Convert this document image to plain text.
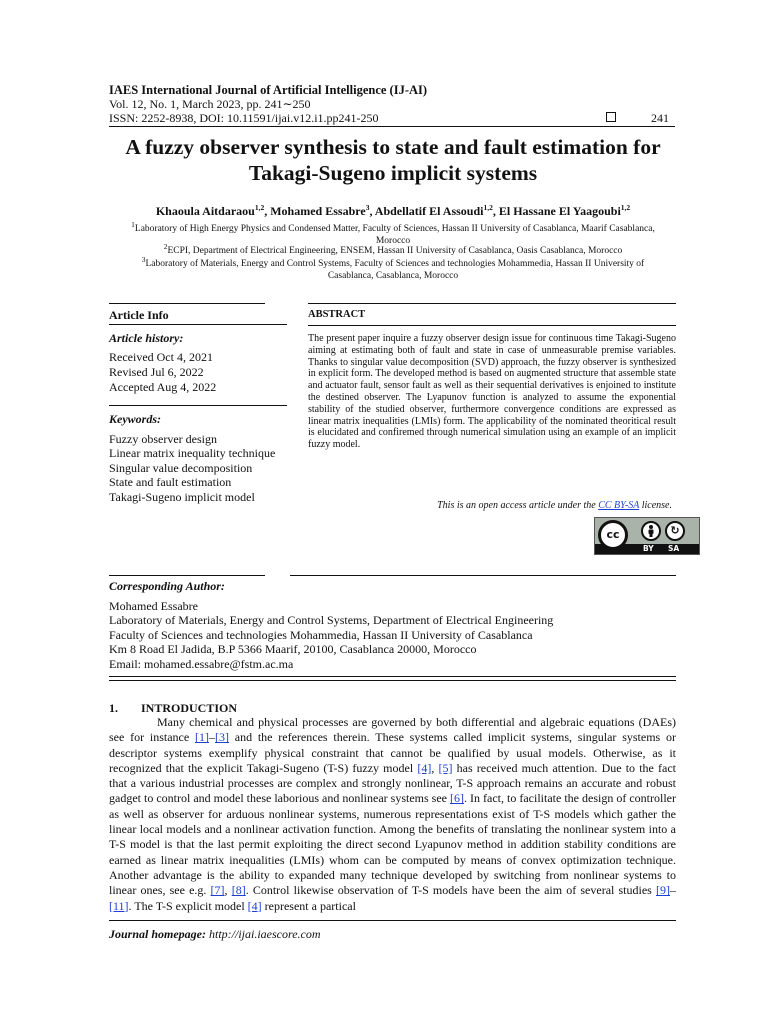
IAES International Journal of Artificial Intelligence (IJ-AI)
Vol. 12, No. 1, March 2023, pp. 241∼250
ISSN: 2252-8938, DOI: 10.11591/ijai.v12.i1.pp241-250	241
A fuzzy observer synthesis to state and fault estimation for
Takagi-Sugeno implicit systems
Khaoula Aitdaraou$^{1,2}$, Mohamed Essabre$^3$, Abdellatif El Assoudi$^{1,2}$, El Hassane El Yaagoubi$^{1,2}$
$^1$Laboratory of High Energy Physics and Condensed Matter, Faculty of Sciences, Hassan II University of Casablanca, Maarif Casablanca,
Morocco
$^2$ECPI, Department of Electrical Engineering, ENSEM, Hassan II University of Casablanca, Oasis Casablanca, Morocco
$^3$Laboratory of Materials, Energy and Control Systems, Faculty of Sciences and technologies Mohammedia, Hassan II University of
Casablanca, Casablanca, Morocco
Article Info	ABSTRACT
Article history:
Received Oct 4, 2021
Revised Jul 6, 2022
Accepted Aug 4, 2022
Keywords:
Fuzzy observer design
Linear matrix inequality technique
Singular value decomposition
State and fault estimation
Takagi-Sugeno implicit model
The present paper inquire a fuzzy observer design issue for continuous time Takagi-Sugeno aiming at estimating both of fault and state in case of unmeasurable premise variables. Thanks to singular value decomposition (SVD) approach, the fuzzy observer is synthesized in explicit form. The developed method is based on augmented structure that assemble state and actuator fault, sensor fault as well as their sequential derivatives is enjoined to institute the destined observer. The Lyapunov function is analyzed to assume the exponential stability of the studied observer, furthermore convergence conditions are expressed as linear matrix inequalities (LMIs) form. The applicability of the nominated theoritical result is elucidated and confiremed through numerical simulation using an example of an implicit fuzzy model.
This is an open access article under the CC BY-SA license.
cc	↻
BY SA
Corresponding Author:
Mohamed Essabre
Laboratory of Materials, Energy and Control Systems, Department of Electrical Engineering
Faculty of Sciences and technologies Mohammedia, Hassan II University of Casablanca
Km 8 Road El Jadida, B.P 5366 Maarif, 20100, Casablanca 20000, Morocco
Email: mohamed.essabre@fstm.ac.ma
1. INTRODUCTION
Many chemical and physical processes are governed by both differential and algebraic equations (DAEs) see for instance [1]–[3] and the references therein. These systems called implicit systems, singular systems or descriptor systems exemplify physical constraint that cannot be qualified by usual models. Otherwise, as it recognized that the explicit Takagi-Sugeno (T-S) fuzzy model [4], [5] has received much attention. Due to the fact that a various industrial processes are complex and strongly nonlinear, T-S approach remains an accurate and robust gadget to control and model these laborious and nonlinear systems see [6]. In fact, to facilitate the design of controller as well as observer for arduous nonlinear systems, numerous representations exist of T-S models which gather the linear local models and a nonlinear activation function. Among the benefits of translating the nonlinear system into a T-S model is that the last permit exploiting the direct second Lyapunov method in addition stability conditions are earned as linear matrix inequalities (LMIs) whom can be computed by means of convex optimization technique. Another advantage is the ability to expanded many technique developed by switching from nonlinear systems to linear ones, see e.g. [7], [8]. Control likewise observation of T-S models have been the aim of several studies [9]–[11]. The T-S explicit model [4] represent a partical
Journal homepage: http://ijai.iaescore.com
